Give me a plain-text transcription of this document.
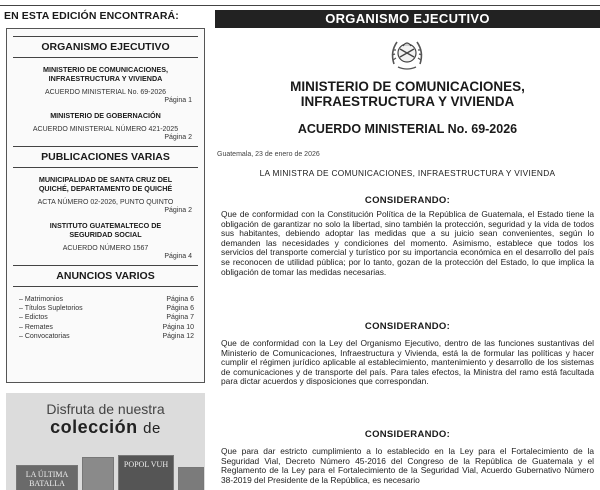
EN ESTA EDICIÓN ENCONTRARÁ:
ORGANISMO EJECUTIVO
MINISTERIO DE COMUNICACIONES, INFRAESTRUCTURA Y VIVIENDA
ACUERDO MINISTERIAL No. 69-2026
Página 1
MINISTERIO DE GOBERNACIÓN
ACUERDO MINISTERIAL NÚMERO 421-2025
Página 2
PUBLICACIONES VARIAS
MUNICIPALIDAD DE SANTA CRUZ DEL QUICHÉ, DEPARTAMENTO DE QUICHÉ
ACTA NÚMERO 02-2026, PUNTO QUINTO
Página 2
INSTITUTO GUATEMALTECO DE SEGURIDAD SOCIAL
ACUERDO NÚMERO 1567
Página 4
ANUNCIOS VARIOS
– Matrimonios	Página 6
– Títulos Supletorios	Página 6
– Edictos	Página 7
– Remates	Página 10
– Convocatorias	Página 12
Disfruta de nuestra
colección de
LA ÚLTIMA BATALLA
POPOL VUH
ORGANISMO EJECUTIVO
MINISTERIO DE COMUNICACIONES,
INFRAESTRUCTURA Y VIVIENDA
ACUERDO MINISTERIAL No. 69-2026
Guatemala, 23 de enero de 2026
LA MINISTRA DE COMUNICACIONES, INFRAESTRUCTURA Y VIVIENDA
CONSIDERANDO:
Que de conformidad con la Constitución Política de la República de Guatemala, el Estado tiene la obligación de garantizar no solo la libertad, sino también la protección, seguridad y la vida de todos sus habitantes, debiendo adoptar las medidas que a su juicio sean convenientes, según lo demanden las necesidades y condiciones del momento. Asimismo, establece que todos los servicios del transporte comercial y turístico por su importancia económica en el desarrollo del país se reconocen de utilidad pública; por lo tanto, gozan de la protección del Estado, lo que implica la obligación de tomar las medidas necesarias.
CONSIDERANDO:
Que de conformidad con la Ley del Organismo Ejecutivo, dentro de las funciones sustantivas del Ministerio de Comunicaciones, Infraestructura y Vivienda, está la de formular las políticas y hacer cumplir el régimen jurídico aplicable al establecimiento, mantenimiento y desarrollo de los sistemas de comunicaciones y de transporte del país. Para tales efectos, la Ministra del ramo está facultada para dictar acuerdos y disposiciones que correspondan.
CONSIDERANDO:
Que para dar estricto cumplimiento a lo establecido en la Ley para el Fortalecimiento de la Seguridad Vial, Decreto Número 45-2016 del Congreso de la República de Guatemala y el Reglamento de la Ley para el Fortalecimiento de la Seguridad Vial, Acuerdo Gubernativo Número 38-2019 del Presidente de la República, es necesario
